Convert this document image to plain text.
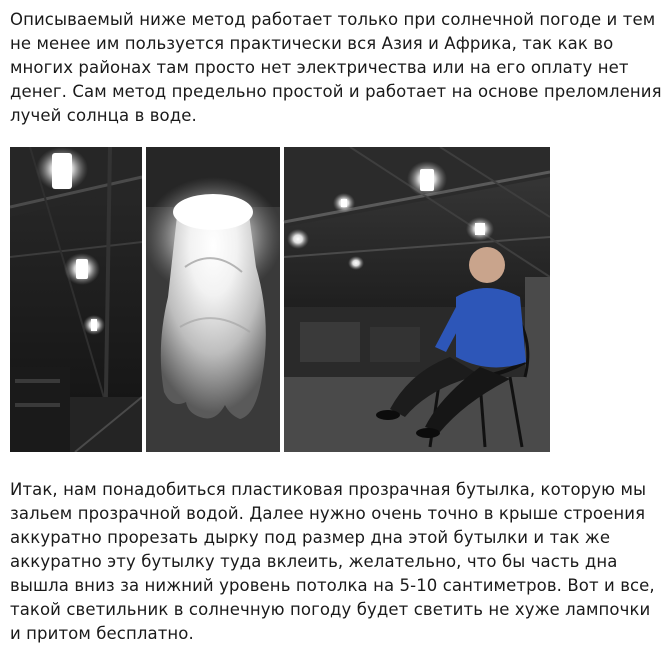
Описываемый ниже метод работает только при солнечной погоде и тем
не менее им пользуется практически вся Азия и Африка, так как во
многих районах там просто нет электричества или на его оплату нет
денег. Сам метод предельно простой и работает на основе преломления
лучей солнца в воде.
Итак, нам понадобиться пластиковая прозрачная бутылка, которую мы
зальем прозрачной водой. Далее нужно очень точно в крыше строения
аккуратно прорезать дырку под размер дна этой бутылки и так же
аккуратно эту бутылку туда вклеить, желательно, что бы часть дна
вышла вниз за нижний уровень потолка на 5-10 сантиметров. Вот и все,
такой светильник в солнечную погоду будет светить не хуже лампочки
и притом бесплатно.
